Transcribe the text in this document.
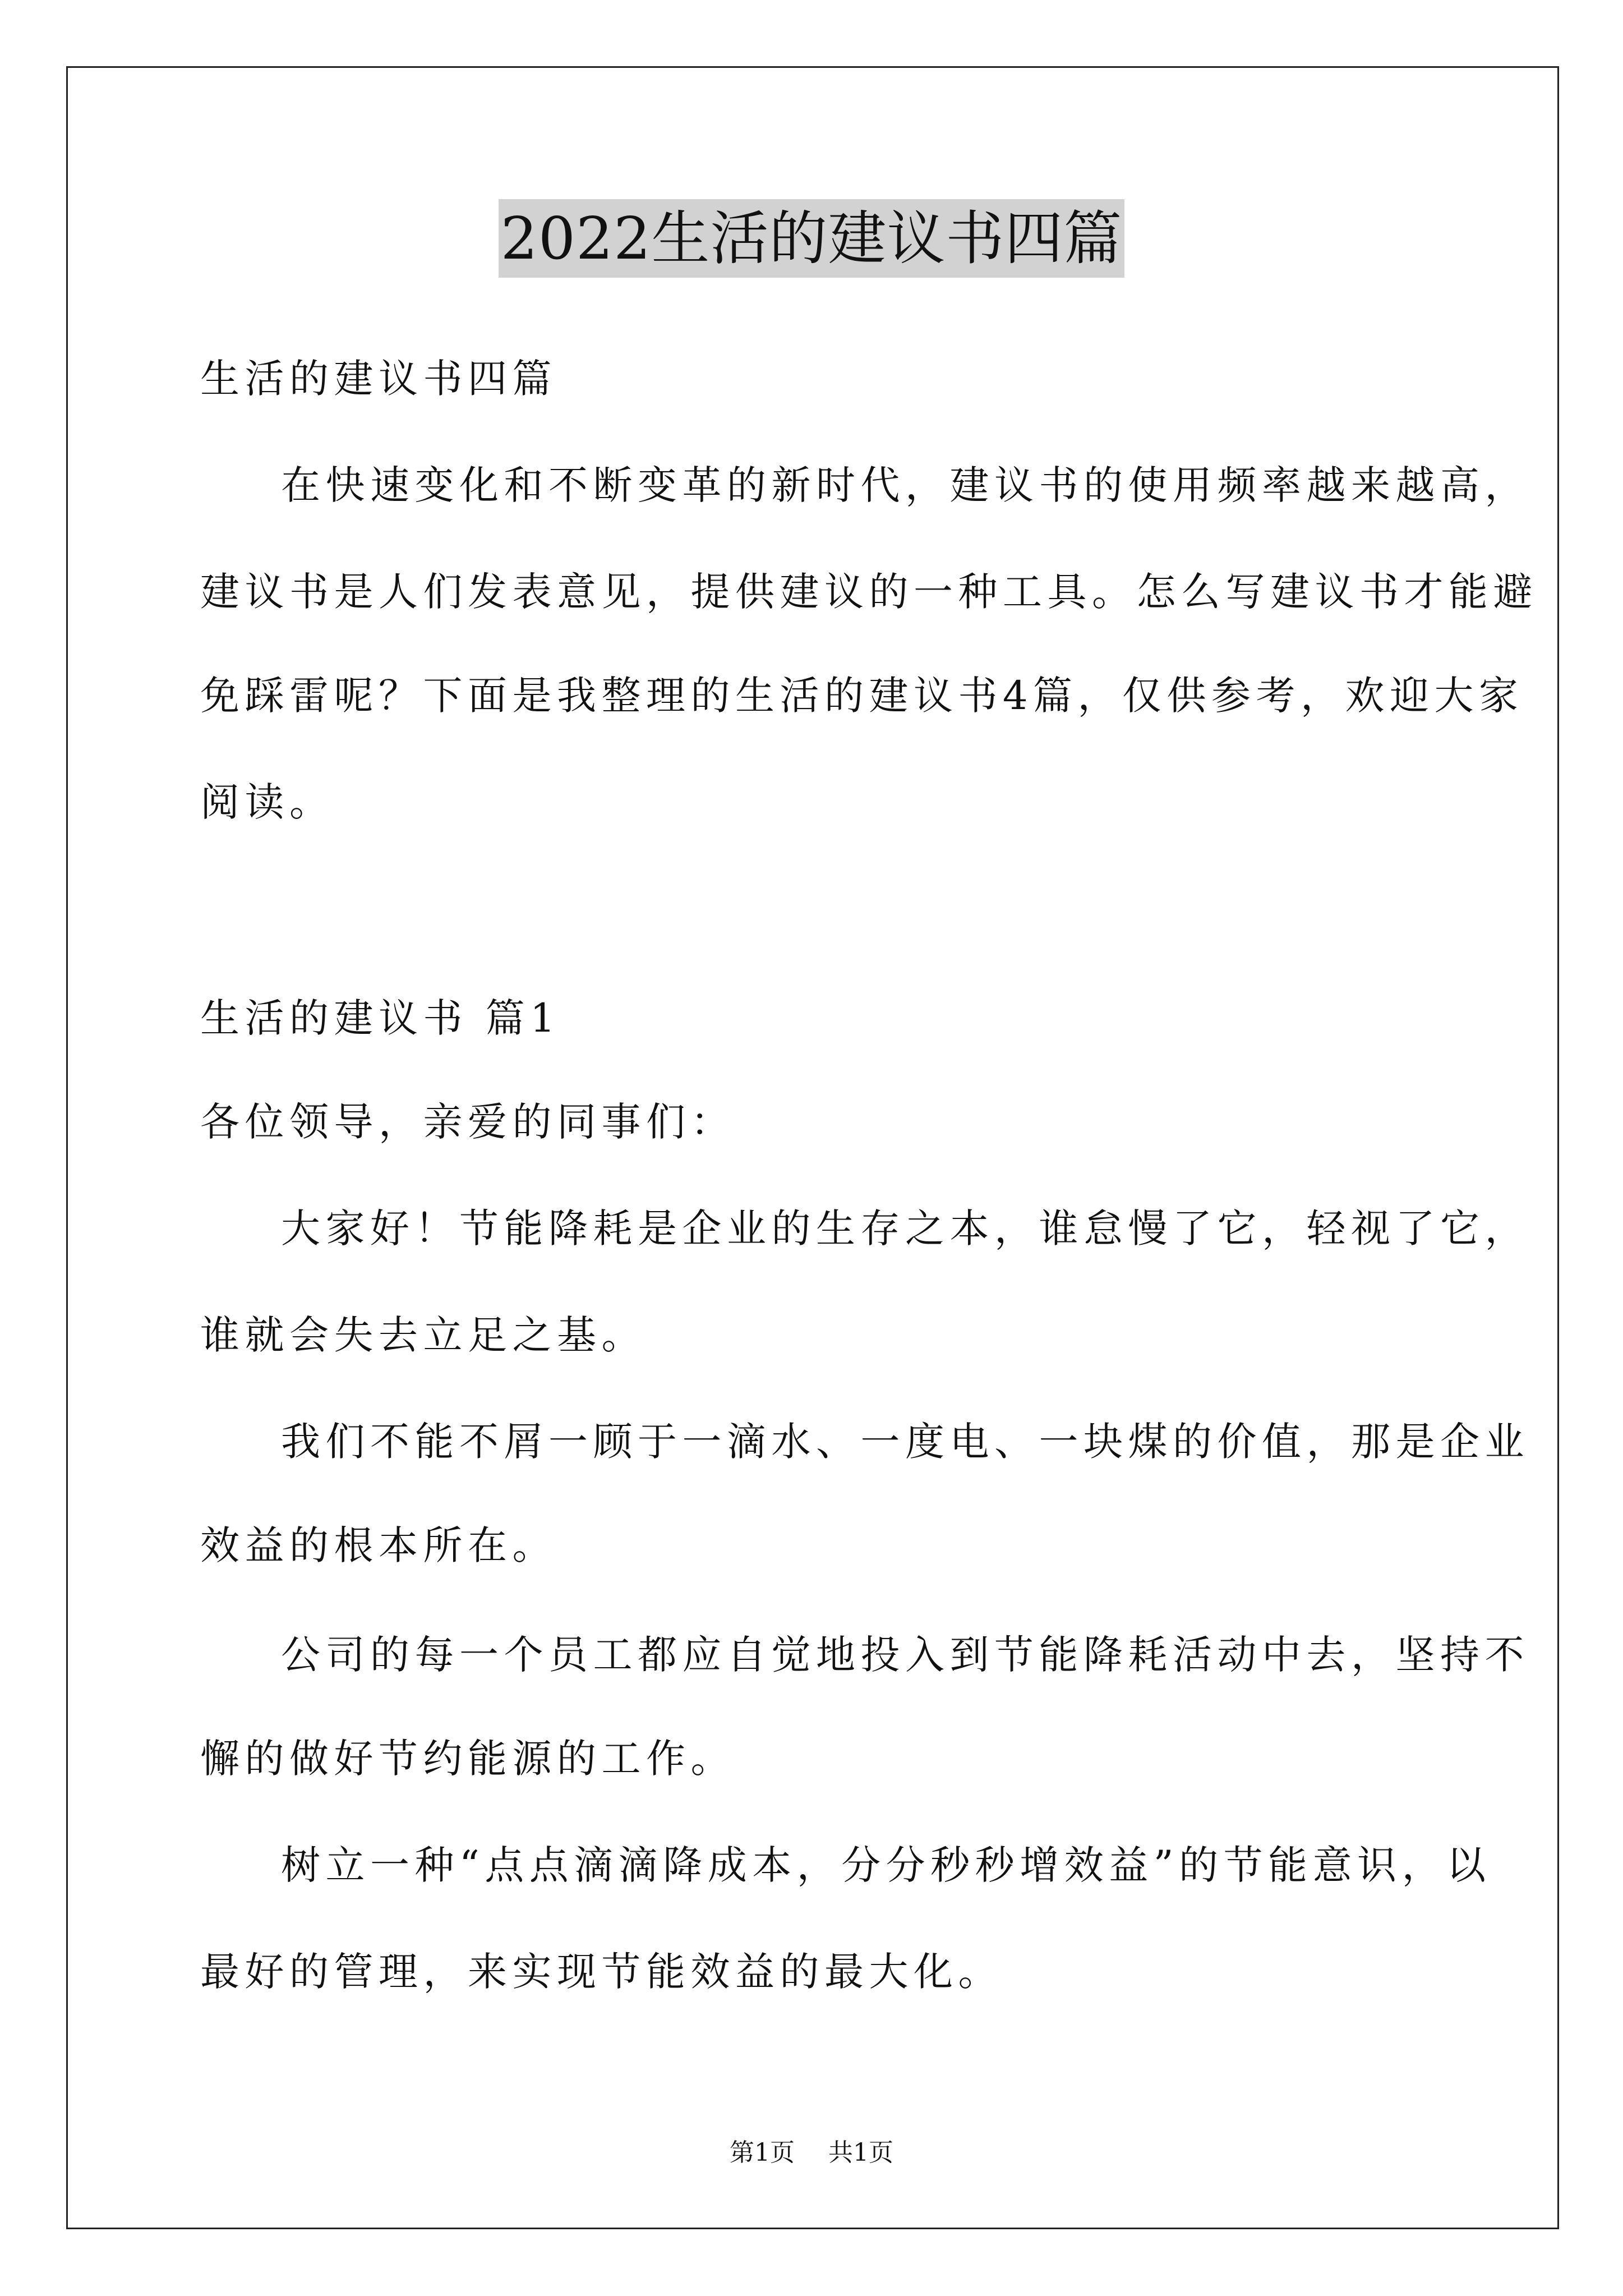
2022生活的建议书四篇
生活的建议书四篇
在快速变化和不断变革的新时代，建议书的使用频率越来越高，
建议书是人们发表意见，提供建议的一种工具。怎么写建议书才能避
免踩雷呢？下面是我整理的生活的建议书4篇，仅供参考，欢迎大家
阅读。
生活的建议书 篇1
各位领导，亲爱的同事们：
大家好！节能降耗是企业的生存之本，谁怠慢了它，轻视了它，
谁就会失去立足之基。
我们不能不屑一顾于一滴水、一度电、一块煤的价值，那是企业
效益的根本所在。
公司的每一个员工都应自觉地投入到节能降耗活动中去，坚持不
懈的做好节约能源的工作。
树立一种“点点滴滴降成本，分分秒秒增效益”的节能意识，以
最好的管理，来实现节能效益的最大化。
第1页 共1页
